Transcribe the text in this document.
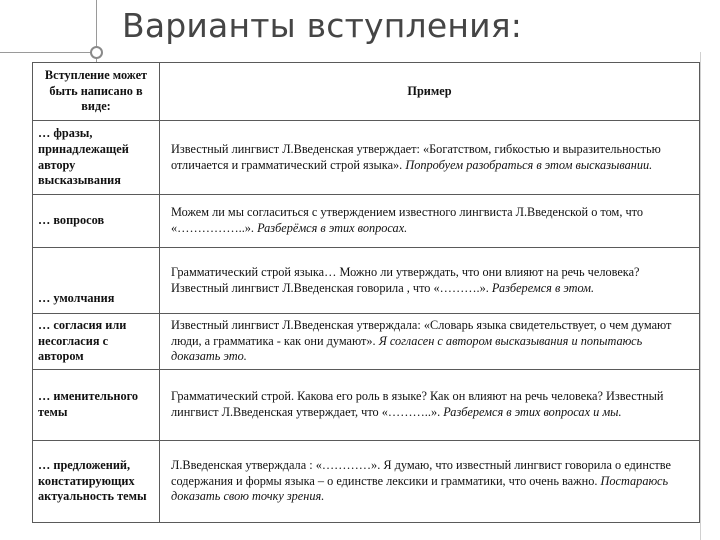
Варианты вступления:
Вступление может быть написано в виде:	Пример
… фразы, принадлежащей автору высказывания	Известный лингвист Л.Введенская утверждает: «Богатством, гибкостью и выразительностью отличается и грамматический строй языка». Попробуем разобраться в этом высказывании.
… вопросов	Можем ли мы согласиться с утверждением известного лингвиста Л.Введенской о том, что «……………..». Разберёмся в этих вопросах.
… умолчания	Грамматический строй языка… Можно ли утверждать, что они влияют на речь человека? Известный лингвист Л.Введенская говорила , что «……….». Разберемся в этом.
… согласия или несогласия с автором	Известный лингвист Л.Введенская утверждала: «Словарь языка свидетельствует, о чем думают люди, а грамматика - как они думают». Я согласен с автором высказывания и попытаюсь доказать это.
… именительного темы	Грамматический строй. Какова его роль в языке? Как он влияют на речь человека? Известный лингвист Л.Введенская утверждает, что «………..». Разберемся в этих вопросах и мы.
… предложений, констатирующих актуальность темы	Л.Введенская утверждала : «…………». Я думаю, что известный лингвист говорила о единстве содержания и формы языка – о единстве лексики и грамматики, что очень важно. Постараюсь доказать свою точку зрения.
